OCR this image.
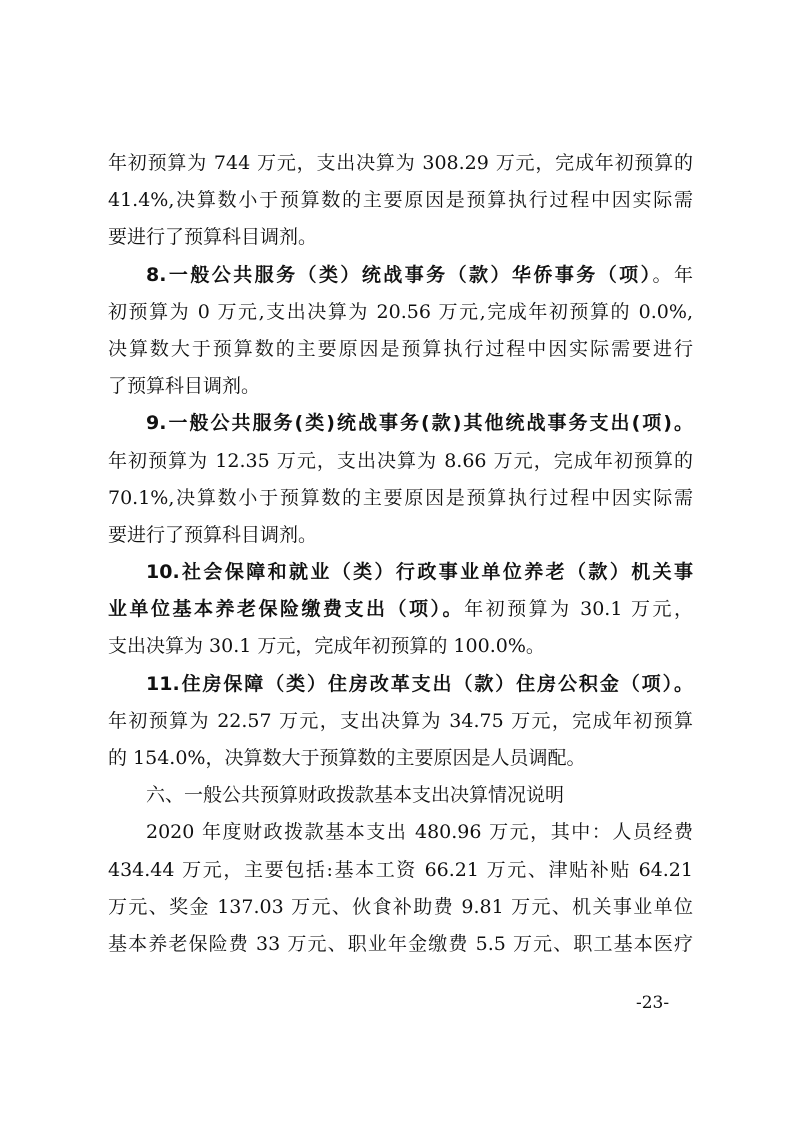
年初预算为 744 万元，支出决算为 308.29 万元，完成年初预算的
41.4%,决算数小于预算数的主要原因是预算执行过程中因实际需
要进行了预算科目调剂。
8.一般公共服务（类）统战事务（款）华侨事务（项）。年
初预算为 0 万元,支出决算为 20.56 万元,完成年初预算的 0.0%,
决算数大于预算数的主要原因是预算执行过程中因实际需要进行
了预算科目调剂。
9.一般公共服务(类)统战事务(款)其他统战事务支出(项)。
年初预算为 12.35 万元，支出决算为 8.66 万元，完成年初预算的
70.1%,决算数小于预算数的主要原因是预算执行过程中因实际需
要进行了预算科目调剂。
10.社会保障和就业（类）行政事业单位养老（款）机关事
业单位基本养老保险缴费支出（项）。年初预算为 30.1 万元，
支出决算为 30.1 万元，完成年初预算的 100.0%。
11.住房保障（类）住房改革支出（款）住房公积金（项）。
年初预算为 22.57 万元，支出决算为 34.75 万元，完成年初预算
的 154.0%，决算数大于预算数的主要原因是人员调配。
六、一般公共预算财政拨款基本支出决算情况说明
2020 年度财政拨款基本支出 480.96 万元，其中：人员经费
434.44 万元，主要包括:基本工资 66.21 万元、津贴补贴 64.21
万元、奖金 137.03 万元、伙食补助费 9.81 万元、机关事业单位
基本养老保险费 33 万元、职业年金缴费 5.5 万元、职工基本医疗
-23-
